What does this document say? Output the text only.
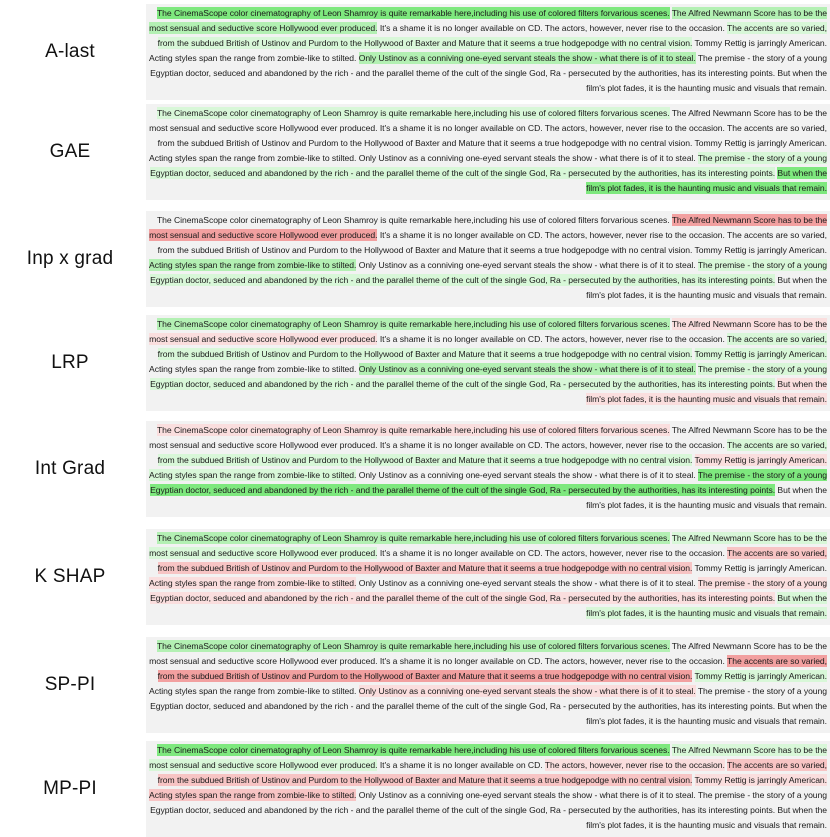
A-last
The CinemaScope color cinematography of Leon Shamroy is quite remarkable here,including his use of colored filters forvarious scenes. The Alfred Newmann Score has to be the most sensual and seductive score Hollywood ever produced. It's a shame it is no longer available on CD. The actors, however, never rise to the occasion. The accents are so varied, from the subdued British of Ustinov and Purdom to the Hollywood of Baxter and Mature that it seems a true hodgepodge with no central vision. Tommy Rettig is jarringly American. Acting styles span the range from zombie-like to stilted. Only Ustinov as a conniving one-eyed servant steals the show - what there is of it to steal. The premise - the story of a young Egyptian doctor, seduced and abandoned by the rich - and the parallel theme of the cult of the single God, Ra - persecuted by the authorities, has its interesting points. But when the film's plot fades, it is the haunting music and visuals that remain.
GAE
The CinemaScope color cinematography of Leon Shamroy is quite remarkable here,including his use of colored filters forvarious scenes. The Alfred Newmann Score has to be the most sensual and seductive score Hollywood ever produced. It's a shame it is no longer available on CD. The actors, however, never rise to the occasion. The accents are so varied, from the subdued British of Ustinov and Purdom to the Hollywood of Baxter and Mature that it seems a true hodgepodge with no central vision. Tommy Rettig is jarringly American. Acting styles span the range from zombie-like to stilted. Only Ustinov as a conniving one-eyed servant steals the show - what there is of it to steal. The premise - the story of a young Egyptian doctor, seduced and abandoned by the rich - and the parallel theme of the cult of the single God, Ra - persecuted by the authorities, has its interesting points. But when the film's plot fades, it is the haunting music and visuals that remain.
Inp x grad
The CinemaScope color cinematography of Leon Shamroy is quite remarkable here,including his use of colored filters forvarious scenes. The Alfred Newmann Score has to be the most sensual and seductive score Hollywood ever produced. It's a shame it is no longer available on CD. The actors, however, never rise to the occasion. The accents are so varied, from the subdued British of Ustinov and Purdom to the Hollywood of Baxter and Mature that it seems a true hodgepodge with no central vision. Tommy Rettig is jarringly American. Acting styles span the range from zombie-like to stilted. Only Ustinov as a conniving one-eyed servant steals the show - what there is of it to steal. The premise - the story of a young Egyptian doctor, seduced and abandoned by the rich - and the parallel theme of the cult of the single God, Ra - persecuted by the authorities, has its interesting points. But when the film's plot fades, it is the haunting music and visuals that remain.
LRP
The CinemaScope color cinematography of Leon Shamroy is quite remarkable here,including his use of colored filters forvarious scenes. The Alfred Newmann Score has to be the most sensual and seductive score Hollywood ever produced. It's a shame it is no longer available on CD. The actors, however, never rise to the occasion. The accents are so varied, from the subdued British of Ustinov and Purdom to the Hollywood of Baxter and Mature that it seems a true hodgepodge with no central vision. Tommy Rettig is jarringly American. Acting styles span the range from zombie-like to stilted. Only Ustinov as a conniving one-eyed servant steals the show - what there is of it to steal. The premise - the story of a young Egyptian doctor, seduced and abandoned by the rich - and the parallel theme of the cult of the single God, Ra - persecuted by the authorities, has its interesting points. But when the film's plot fades, it is the haunting music and visuals that remain.
Int Grad
The CinemaScope color cinematography of Leon Shamroy is quite remarkable here,including his use of colored filters forvarious scenes. The Alfred Newmann Score has to be the most sensual and seductive score Hollywood ever produced. It's a shame it is no longer available on CD. The actors, however, never rise to the occasion. The accents are so varied, from the subdued British of Ustinov and Purdom to the Hollywood of Baxter and Mature that it seems a true hodgepodge with no central vision. Tommy Rettig is jarringly American. Acting styles span the range from zombie-like to stilted. Only Ustinov as a conniving one-eyed servant steals the show - what there is of it to steal. The premise - the story of a young Egyptian doctor, seduced and abandoned by the rich - and the parallel theme of the cult of the single God, Ra - persecuted by the authorities, has its interesting points. But when the film's plot fades, it is the haunting music and visuals that remain.
K SHAP
The CinemaScope color cinematography of Leon Shamroy is quite remarkable here,including his use of colored filters forvarious scenes. The Alfred Newmann Score has to be the most sensual and seductive score Hollywood ever produced. It's a shame it is no longer available on CD. The actors, however, never rise to the occasion. The accents are so varied, from the subdued British of Ustinov and Purdom to the Hollywood of Baxter and Mature that it seems a true hodgepodge with no central vision. Tommy Rettig is jarringly American. Acting styles span the range from zombie-like to stilted. Only Ustinov as a conniving one-eyed servant steals the show - what there is of it to steal. The premise - the story of a young Egyptian doctor, seduced and abandoned by the rich - and the parallel theme of the cult of the single God, Ra - persecuted by the authorities, has its interesting points. But when the film's plot fades, it is the haunting music and visuals that remain.
SP-PI
The CinemaScope color cinematography of Leon Shamroy is quite remarkable here,including his use of colored filters forvarious scenes. The Alfred Newmann Score has to be the most sensual and seductive score Hollywood ever produced. It's a shame it is no longer available on CD. The actors, however, never rise to the occasion. The accents are so varied, from the subdued British of Ustinov and Purdom to the Hollywood of Baxter and Mature that it seems a true hodgepodge with no central vision. Tommy Rettig is jarringly American. Acting styles span the range from zombie-like to stilted. Only Ustinov as a conniving one-eyed servant steals the show - what there is of it to steal. The premise - the story of a young Egyptian doctor, seduced and abandoned by the rich - and the parallel theme of the cult of the single God, Ra - persecuted by the authorities, has its interesting points. But when the film's plot fades, it is the haunting music and visuals that remain.
MP-PI
The CinemaScope color cinematography of Leon Shamroy is quite remarkable here,including his use of colored filters forvarious scenes. The Alfred Newmann Score has to be the most sensual and seductive score Hollywood ever produced. It's a shame it is no longer available on CD. The actors, however, never rise to the occasion. The accents are so varied, from the subdued British of Ustinov and Purdom to the Hollywood of Baxter and Mature that it seems a true hodgepodge with no central vision. Tommy Rettig is jarringly American. Acting styles span the range from zombie-like to stilted. Only Ustinov as a conniving one-eyed servant steals the show - what there is of it to steal. The premise - the story of a young Egyptian doctor, seduced and abandoned by the rich - and the parallel theme of the cult of the single God, Ra - persecuted by the authorities, has its interesting points. But when the film's plot fades, it is the haunting music and visuals that remain.
